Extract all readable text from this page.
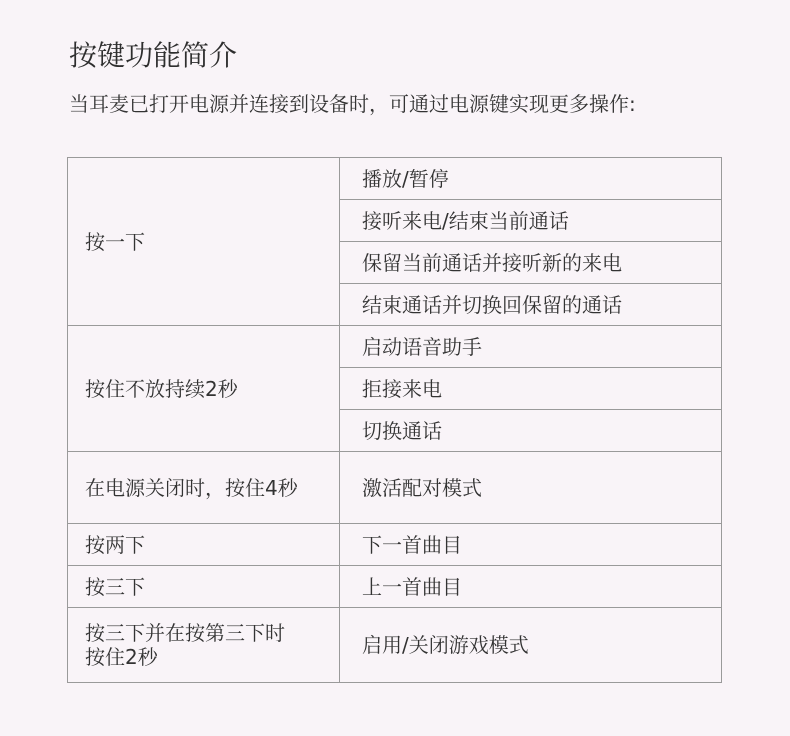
按键功能简介
当耳麦已打开电源并连接到设备时，可通过电源键实现更多操作:
按一下	播放/暂停
	接听来电/结束当前通话
	保留当前通话并接听新的来电
	结束通话并切换回保留的通话
按住不放持续2秒	启动语音助手
	拒接来电
	切换通话
在电源关闭时，按住4秒	激活配对模式
按两下	下一首曲目
按三下	上一首曲目

按三下并在按第三下时
按住2秒	启用/关闭游戏模式
